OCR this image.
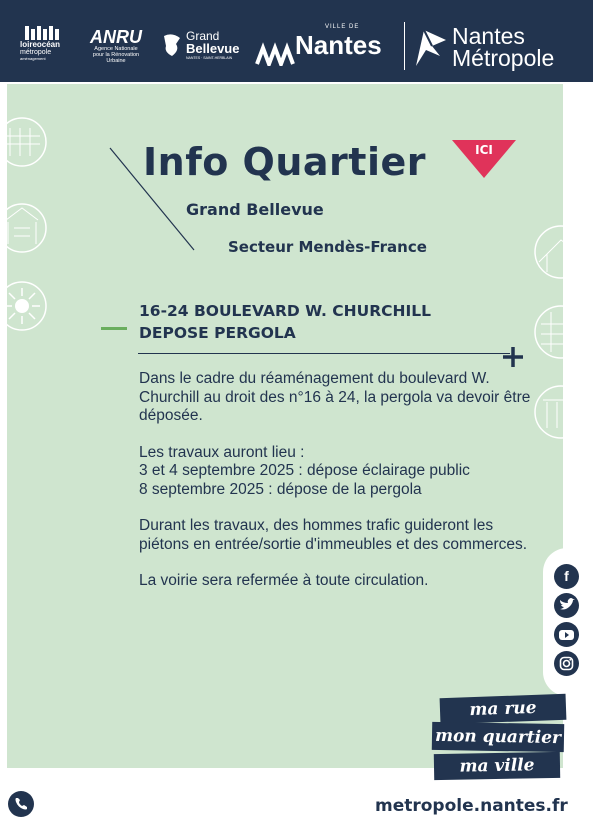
loireocéan
métropole
aménagement
ANRU
Agence Nationale
pour la Rénovation
Urbaine
Grand
Bellevue
NANTES · SAINT-HERBLAIN
VILLE DE
Nantes	Nantes
Métropole
Info Quartier	ICI
Grand Bellevue
Secteur Mendès-France
16-24 BOULEVARD W. CHURCHILL
DEPOSE PERGOLA

Dans le cadre du réaménagement du boulevard W. Churchill au droit des n°16 à 24, la pergola va devoir être déposée.

Les travaux auront lieu :
3 et 4 septembre 2025 : dépose éclairage public
8 septembre 2025 : dépose de la pergola

Durant les travaux, des hommes trafic guideront les piétons en entrée/sortie d'immeubles et des commerces.

La voirie sera refermée à toute circulation.	f
ma rue
mon quartier
ma ville
metropole.nantes.fr
